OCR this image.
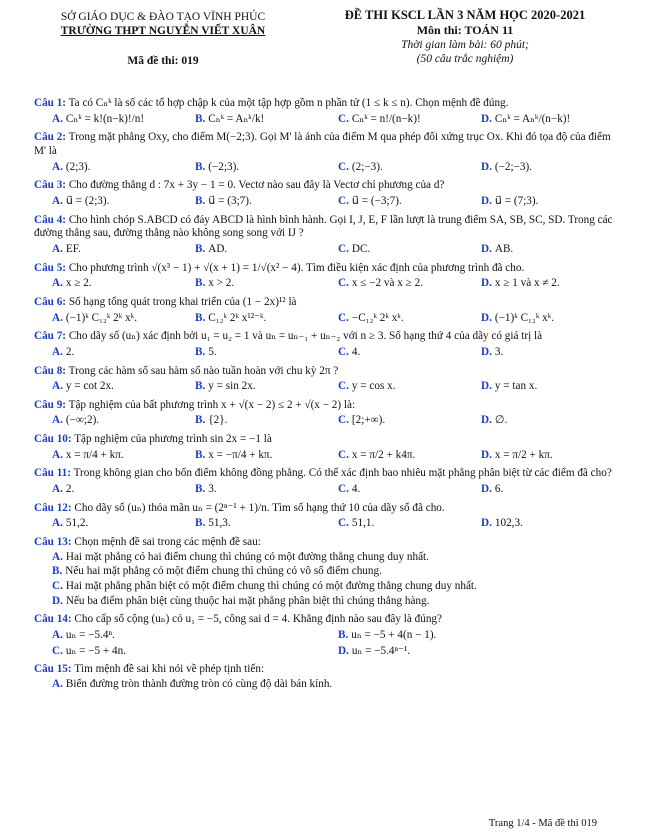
SỞ GIÁO DỤC & ĐÀO TẠO VĨNH PHÚC
TRƯỜNG THPT NGUYỄN VIẾT XUÂN
Mã đề thi: 019
ĐỀ THI KSCL LẦN 3 NĂM HỌC 2020-2021
Môn thi: TOÁN 11
Thời gian làm bài: 60 phút;
(50 câu trắc nghiệm)
Câu 1: Ta có Cₙᵏ là số các tổ hợp chập k của một tập hợp gồm n phần tử (1 ≤ k ≤ n). Chọn mệnh đề đúng.
A. Cₙᵏ = k!(n−k)!/n!	B. Cₙᵏ = Aₙᵏ/k!	C. Cₙᵏ = n!/(n−k)!	D. Cₙᵏ = Aₙᵏ/(n−k)!
Câu 2: Trong mặt phẳng Oxy, cho điểm M(−2;3). Gọi M' là ảnh của điểm M qua phép đối xứng trục Ox. Khi đó tọa độ của điểm M' là
A. (2;3).	B. (−2;3).	C. (2;−3).	D. (−2;−3).
Câu 3: Cho đường thẳng d : 7x + 3y − 1 = 0. Vectơ nào sau đây là Vectơ chỉ phương của d?
A. u⃗ = (2;3).	B. u⃗ = (3;7).	C. u⃗ = (−3;7).	D. u⃗ = (7;3).
Câu 4: Cho hình chóp S.ABCD có đáy ABCD là hình bình hành. Gọi I, J, E, F lần lượt là trung điểm SA, SB, SC, SD. Trong các đường thẳng sau, đường thẳng nào không song song với IJ ?
A. EF.	B. AD.	C. DC.	D. AB.
Câu 5: Cho phương trình √(x³ − 1) + √(x + 1) = 1/√(x² − 4). Tìm điều kiện xác định của phương trình đã cho.
A. x ≥ 2.	B. x > 2.	C. x ≤ −2 và x ≥ 2.	D. x ≥ 1 và x ≠ 2.
Câu 6: Số hạng tổng quát trong khai triển của (1 − 2x)¹² là
A. (−1)ᵏ C₁₂ᵏ 2ᵏ xᵏ.	B. C₁₂ᵏ 2ᵏ x¹²⁻ᵏ.	C. −C₁₂ᵏ 2ᵏ xᵏ.	D. (−1)ᵏ C₁₂ᵏ xᵏ.
Câu 7: Cho dãy số (uₙ) xác định bởi u₁ = u₂ = 1 và uₙ = uₙ₋₁ + uₙ₋₂ với n ≥ 3. Số hạng thứ 4 của dãy có giá trị là
A. 2.	B. 5.	C. 4.	D. 3.
Câu 8: Trong các hàm số sau hàm số nào tuần hoàn với chu kỳ 2π ?
A. y = cot 2x.	B. y = sin 2x.	C. y = cos x.	D. y = tan x.
Câu 9: Tập nghiệm của bất phương trình x + √(x − 2) ≤ 2 + √(x − 2) là:
A. (−∞;2).	B. {2}.	C. [2;+∞).	D. ∅.
Câu 10: Tập nghiệm của phương trình sin 2x = −1 là
A. x = π/4 + kπ.	B. x = −π/4 + kπ.	C. x = π/2 + k4π.	D. x = π/2 + kπ.
Câu 11: Trong không gian cho bốn điểm không đồng phẳng. Có thể xác định bao nhiêu mặt phẳng phân biệt từ các điểm đã cho?
A. 2.	B. 3.	C. 4.	D. 6.
Câu 12: Cho dãy số (uₙ) thỏa mãn uₙ = (2ⁿ⁻¹ + 1)/n. Tìm số hạng thứ 10 của dãy số đã cho.
A. 51,2.	B. 51,3.	C. 51,1.	D. 102,3.
Câu 13: Chọn mệnh đề sai trong các mệnh đề sau:
A. Hai mặt phẳng có hai điểm chung thì chúng có một đường thẳng chung duy nhất.
B. Nếu hai mặt phẳng có một điểm chung thì chúng có vô số điểm chung.
C. Hai mặt phẳng phân biệt có một điểm chung thì chúng có một đường thẳng chung duy nhất.
D. Nếu ba điểm phân biệt cùng thuộc hai mặt phẳng phân biệt thì chúng thẳng hàng.
Câu 14: Cho cấp số cộng (uₙ) có u₁ = −5, công sai d = 4. Khẳng định nào sau đây là đúng?
A. uₙ = −5.4ⁿ.	B. uₙ = −5 + 4(n − 1).
C. uₙ = −5 + 4n.	D. uₙ = −5.4ⁿ⁻¹.
Câu 15: Tìm mệnh đề sai khi nói về phép tịnh tiến:
A. Biến đường tròn thành đường tròn có cùng độ dài bán kính.
Trang 1/4 - Mã đề thi 019
